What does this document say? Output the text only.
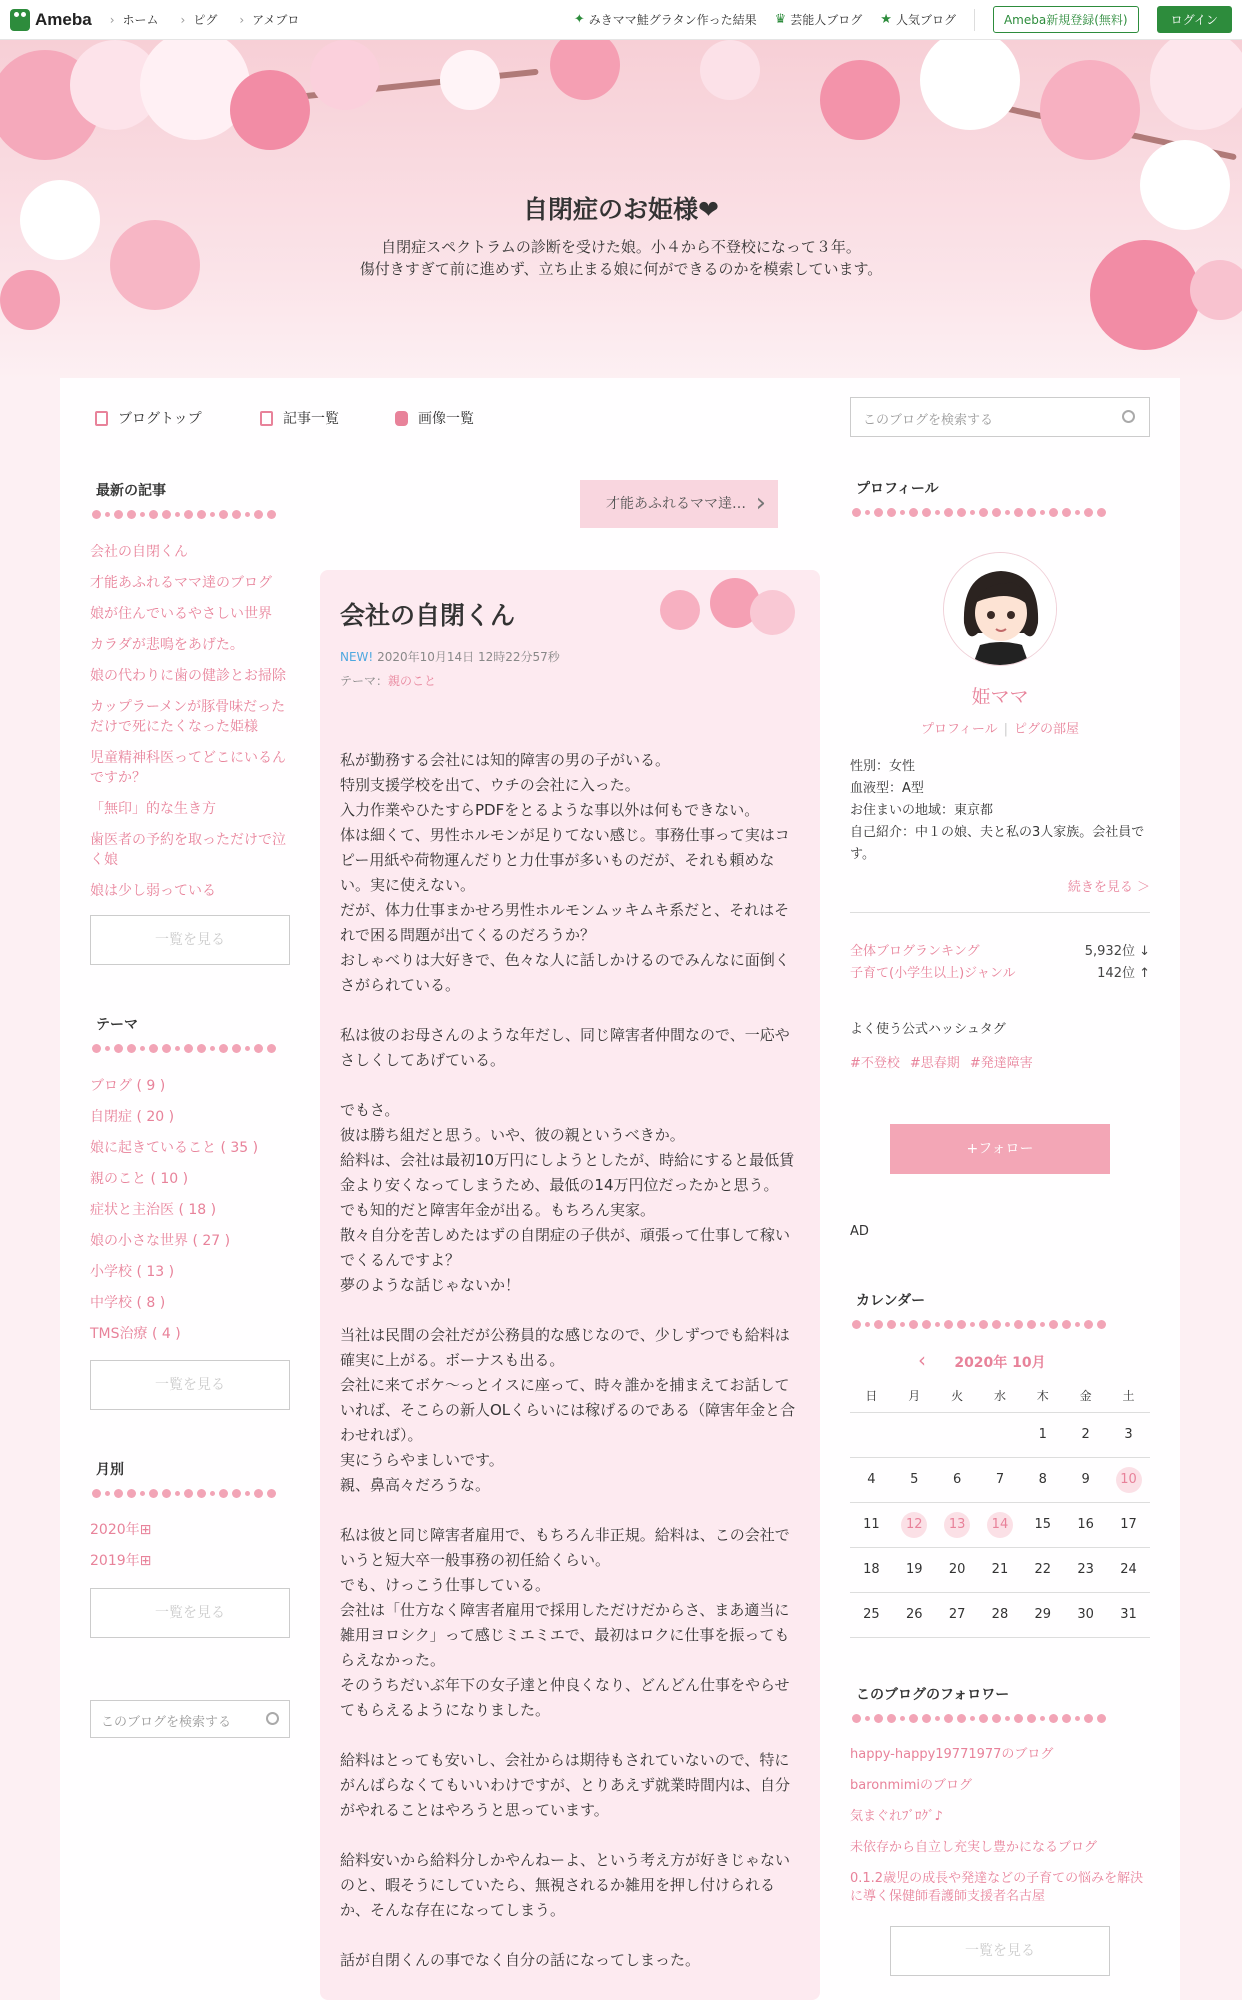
Ameba	› ホーム	› ピグ	› アメブロ	✦ みきママ鮭グラタン作った結果 ♛ 芸能人ブログ ★ 人気ブログ	Ameba新規登録(無料)	ログイン
自閉症のお姫様❤
自閉症スペクトラムの診断を受けた娘。小４から不登校になって３年。
傷付きすぎて前に進めず、立ち止まる娘に何ができるのかを模索しています。
ブログトップ	記事一覧	画像一覧	このブログを検索する
最新の記事
会社の自閉くん
才能あふれるママ達のブログ
娘が住んでいるやさしい世界
カラダが悲鳴をあげた。
娘の代わりに歯の健診とお掃除
カップラーメンが豚骨味だっただけで死にたくなった姫様
児童精神科医ってどこにいるんですか？
「無印」的な生き方
歯医者の予約を取っただけで泣く娘
娘は少し弱っている
一覧を見る
テーマ
ブログ ( 9 )
自閉症 ( 20 )
娘に起きていること ( 35 )
親のこと ( 10 )
症状と主治医 ( 18 )
娘の小さな世界 ( 27 )
小学校 ( 13 )
中学校 ( 8 )
TMS治療 ( 4 )
一覧を見る
月別
2020年⊞
2019年⊞
一覧を見る
このブログを検索する
才能あふれるママ達… ›
会社の自閉くん
NEW! 2020年10月14日 12時22分57秒
テーマ：親のこと

私が勤務する会社には知的障害の男の子がいる。
特別支援学校を出て、ウチの会社に入った。
入力作業やひたすらPDFをとるような事以外は何もできない。
体は細くて、男性ホルモンが足りてない感じ。事務仕事って実はコピー用紙や荷物運んだりと力仕事が多いものだが、それも頼めない。実に使えない。
だが、体力仕事まかせろ男性ホルモンムッキムキ系だと、それはそれで困る問題が出てくるのだろうか？
おしゃべりは大好きで、色々な人に話しかけるのでみんなに面倒くさがられている。

私は彼のお母さんのような年だし、同じ障害者仲間なので、一応やさしくしてあげている。

でもさ。
彼は勝ち組だと思う。いや、彼の親というべきか。
給料は、会社は最初10万円にしようとしたが、時給にすると最低賃金より安くなってしまうため、最低の14万円位だったかと思う。
でも知的だと障害年金が出る。もちろん実家。
散々自分を苦しめたはずの自閉症の子供が、頑張って仕事して稼いでくるんですよ？
夢のような話じゃないか！

当社は民間の会社だが公務員的な感じなので、少しずつでも給料は確実に上がる。ボーナスも出る。
会社に来てボケ〜っとイスに座って、時々誰かを捕まえてお話していれば、そこらの新人OLくらいには稼げるのである（障害年金と合わせれば）。
実にうらやましいです。
親、鼻高々だろうな。

私は彼と同じ障害者雇用で、もちろん非正規。給料は、この会社でいうと短大卒一般事務の初任給くらい。
でも、けっこう仕事している。
会社は「仕方なく障害者雇用で採用しただけだからさ、まあ適当に雑用ヨロシク」って感じミエミエで、最初はロクに仕事を振ってもらえなかった。
そのうちだいぶ年下の女子達と仲良くなり、どんどん仕事をやらせてもらえるようになりました。

給料はとっても安いし、会社からは期待もされていないので、特にがんばらなくてもいいわけですが、とりあえず就業時間内は、自分がやれることはやろうと思っています。

給料安いから給料分しかやんねーよ、という考え方が好きじゃないのと、暇そうにしていたら、無視されるか雑用を押し付けられるか、そんな存在になってしまう。

話が自閉くんの事でなく自分の話になってしまった。

プロフィール
姫ママ
プロフィール | ピグの部屋
性別：女性
血液型：A型
お住まいの地域：東京都
自己紹介：中１の娘、夫と私の3人家族。会社員です。
続きを見る ＞
全体ブログランキング	5,932位 ↓
子育て(小学生以上)ジャンル	142位 ↑
よく使う公式ハッシュタグ
#不登校 #思春期 #発達障害
+フォロー
AD
カレンダー
‹	2020年 10月
日	月	火	水	木	金	土
				1	2	3
4	5	6	7	8	9	10
11	12	13	14	15	16	17
18	19	20	21	22	23	24
25	26	27	28	29	30	31
このブログのフォロワー
happy-happy19771977のブログ
baronmimiのブログ
気まぐれﾌﾞﾛｸﾞ♪
未依存から自立し充実し豊かになるブログ
0.1.2歳児の成長や発達などの子育ての悩みを解決に導く保健師看護師支援者名古屋
一覧を見る
